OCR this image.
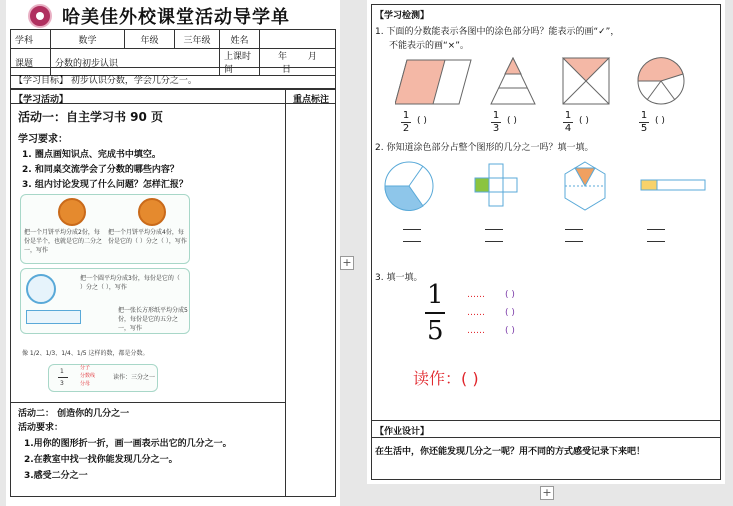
哈美佳外校课堂活动导学单
学科	数学	年级	三年级	姓名	
课题	分数的初步认识			上课时间	年 月 日
【学习目标】 初步认识分数，学会几分之一。
【学习活动】	重点标注
活动一：自主学习书 90 页
学习要求：
1. 圈点画知识点、完成书中填空。
2. 和同桌交流学会了分数的哪些内容？
3. 组内讨论发现了什么问题？怎样汇报？
把一个月饼平均分成2份，每份是半个，也就是它的二分之一，写作
把一个月饼平均分成4份，每份是它的（ ）分之（ ），写作
把一个圆平均分成3份，每份是它的（ ）分之（ ），写作
把一张长方形纸平均分成5份，每份是它的五分之一，写作
像 1/2、1/3、1/4、1/5 这样的数，都是分数。
1
3
分子
分数线
分母
读作：三分之一
活动二： 创造你的几分之一
活动要求：
1.用你的图形折一折，画一画表示出它的几分之一。
2.在教室中找一找你能发现几分之一。
3.感受二分之一
+
【学习检测】
1. 下面的分数能表示各图中的涂色部分吗？能表示的画“✓”，
不能表示的画“×”。
1
2
( )	1
3
( )	1
4
( )	1
5
( )
2. 你知道涂色部分占整个图形的几分之一吗？填一填。

3. 填一填。
1
5
…… ( )
…… ( )
…… ( )
读作：( )
【作业设计】
在生活中，你还能发现几分之一呢？用不同的方式感受记录下来吧！
+
